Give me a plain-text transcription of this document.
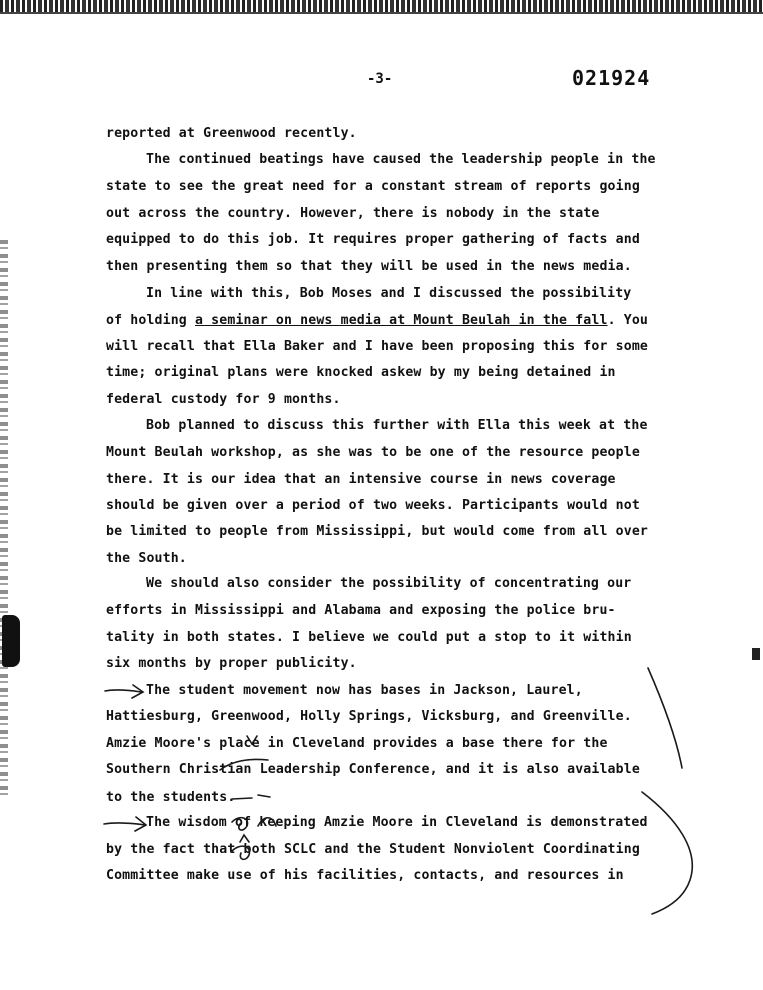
-3-	021924
reported at Greenwood recently.
The continued beatings have caused the leadership people in the
state to see the great need for a constant stream of reports going
out across the country. However, there is nobody in the state
equipped to do this job. It requires proper gathering of facts and
then presenting them so that they will be used in the news media.
In line with this, Bob Moses and I discussed the possibility
of holding a seminar on news media at Mount Beulah in the fall. You
will recall that Ella Baker and I have been proposing this for some
time; original plans were knocked askew by my being detained in
federal custody for 9 months.
Bob planned to discuss this further with Ella this week at the
Mount Beulah workshop, as she was to be one of the resource people
there. It is our idea that an intensive course in news coverage
should be given over a period of two weeks. Participants would not
be limited to people from Mississippi, but would come from all over
the South.
We should also consider the possibility of concentrating our
efforts in Mississippi and Alabama and exposing the police bru-
tality in both states. I believe we could put a stop to it within
six months by proper publicity.
The student movement now has bases in Jackson, Laurel,
Hattiesburg, Greenwood, Holly Springs, Vicksburg, and Greenville.
Amzie Moore's place in Cleveland provides a base there for the
Southern Christian Leadership Conference, and it is also available
to the students.
The wisdom of keeping Amzie Moore in Cleveland is demonstrated
by the fact that both SCLC and the Student Nonviolent Coordinating
Committee make use of his facilities, contacts, and resources in
